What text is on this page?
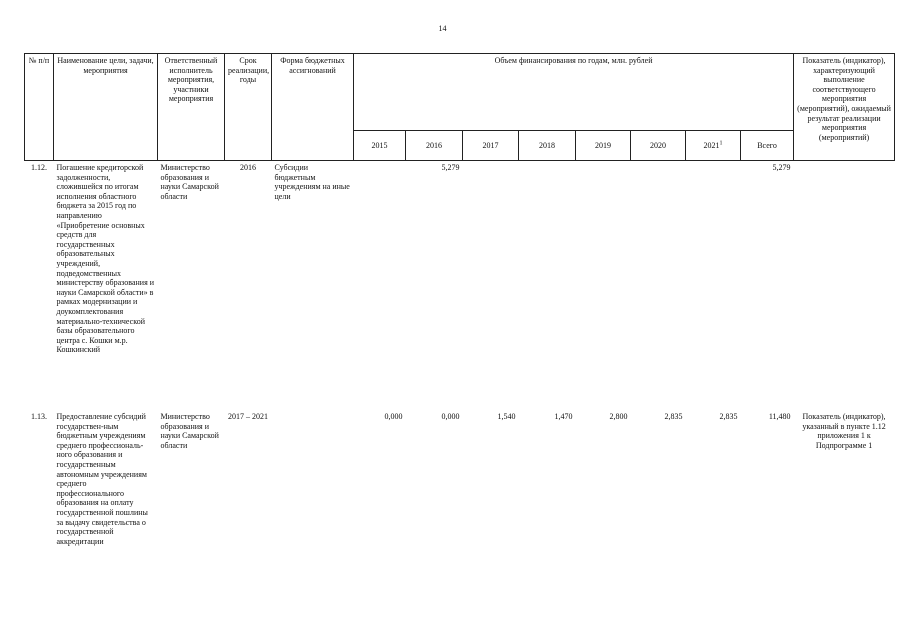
14
№ п/п	Наименование цели, задачи, мероприятия	Ответственный исполнитель мероприятия, участники мероприятия	Срок реализации, годы	Форма бюджетных ассигнований	Объем финансирования по годам, млн. рублей								Показатель (индикатор), характеризующий выполнение соответствующего мероприятия (мероприятий), ожидаемый результат реализации мероприятия (мероприятий)
					2015	2016	2017	2018	2019	2020	2021$^1$	Всего	
1.12.	Погашение кредиторской задолженности, сложившейся по итогам исполнения областного бюджета за 2015 год по направлению «Приобретение основных средств для государственных образовательных учреждений, подведомственных министерству образования и науки Самарской области» в рамках модернизации и доукомплектования материально-технической базы образовательного центра с. Кошки м.р. Кошкинский	Министерство образования и науки Самарской области	2016	Субсидии бюджетным учреждениям на иные цели		5,279						5,279	
1.13.	Предоставление субсидий государствен-ным бюджетным учреждениям среднего профессиональ-ного образования и государственным автономным учреждениям среднего профессионального образования на оплату государственной пошлины за выдачу свидетельства о государственной аккредитации	Министерство образования и науки Самарской области	2017 – 2021		0,000	0,000	1,540	1,470	2,800	2,835	2,835	11,480	Показатель (индикатор), указанный в пункте 1.12 приложения 1 к Подпрограмме 1
